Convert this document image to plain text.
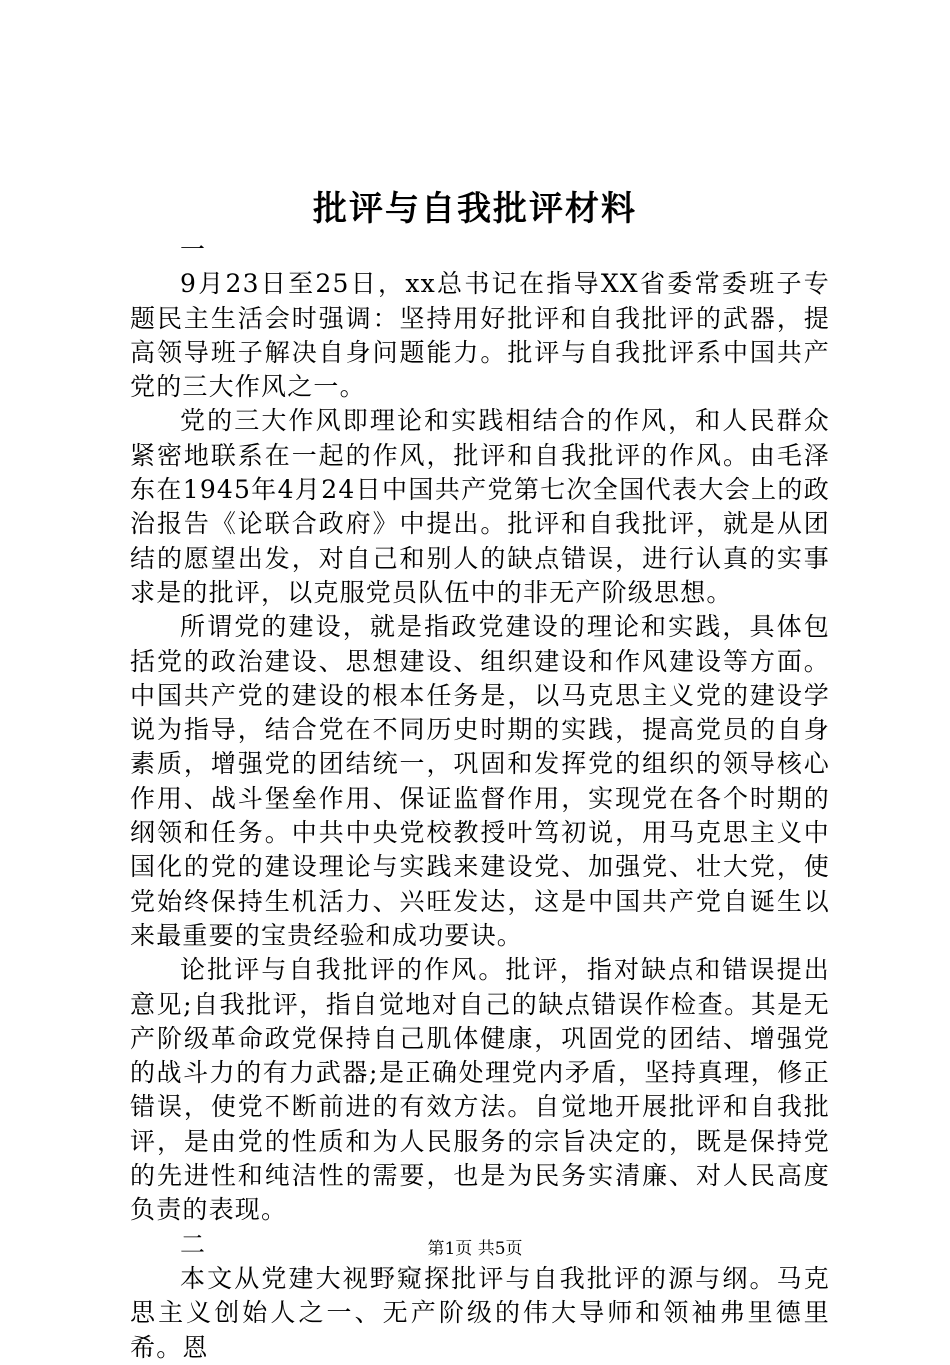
批评与自我批评材料

一

9月23日至25日，xx总书记在指导XX省委常委班子专题民主生活会时强调：坚持用好批评和自我批评的武器，提高领导班子解决自身问题能力。批评与自我批评系中国共产党的三大作风之一。

党的三大作风即理论和实践相结合的作风，和人民群众紧密地联系在一起的作风，批评和自我批评的作风。由毛泽东在1945年4月24日中国共产党第七次全国代表大会上的政治报告《论联合政府》中提出。批评和自我批评，就是从团结的愿望出发，对自己和别人的缺点错误，进行认真的实事求是的批评，以克服党员队伍中的非无产阶级思想。

所谓党的建设，就是指政党建设的理论和实践，具体包括党的政治建设、思想建设、组织建设和作风建设等方面。中国共产党的建设的根本任务是，以马克思主义党的建设学说为指导，结合党在不同历史时期的实践，提高党员的自身素质，增强党的团结统一，巩固和发挥党的组织的领导核心作用、战斗堡垒作用、保证监督作用，实现党在各个时期的纲领和任务。中共中央党校教授叶笃初说，用马克思主义中国化的党的建设理论与实践来建设党、加强党、壮大党，使党始终保持生机活力、兴旺发达，这是中国共产党自诞生以来最重要的宝贵经验和成功要诀。

论批评与自我批评的作风。批评，指对缺点和错误提出意见;自我批评，指自觉地对自己的缺点错误作检查。其是无产阶级革命政党保持自己肌体健康，巩固党的团结、增强党的战斗力的有力武器;是正确处理党内矛盾，坚持真理，修正错误，使党不断前进的有效方法。自觉地开展批评和自我批评，是由党的性质和为人民服务的宗旨决定的，既是保持党的先进性和纯洁性的需要，也是为民务实清廉、对人民高度负责的表现。

二

本文从党建大视野窥探批评与自我批评的源与纲。马克思主义创始人之一、无产阶级的伟大导师和领袖弗里德里希。恩

第1页 共5页
